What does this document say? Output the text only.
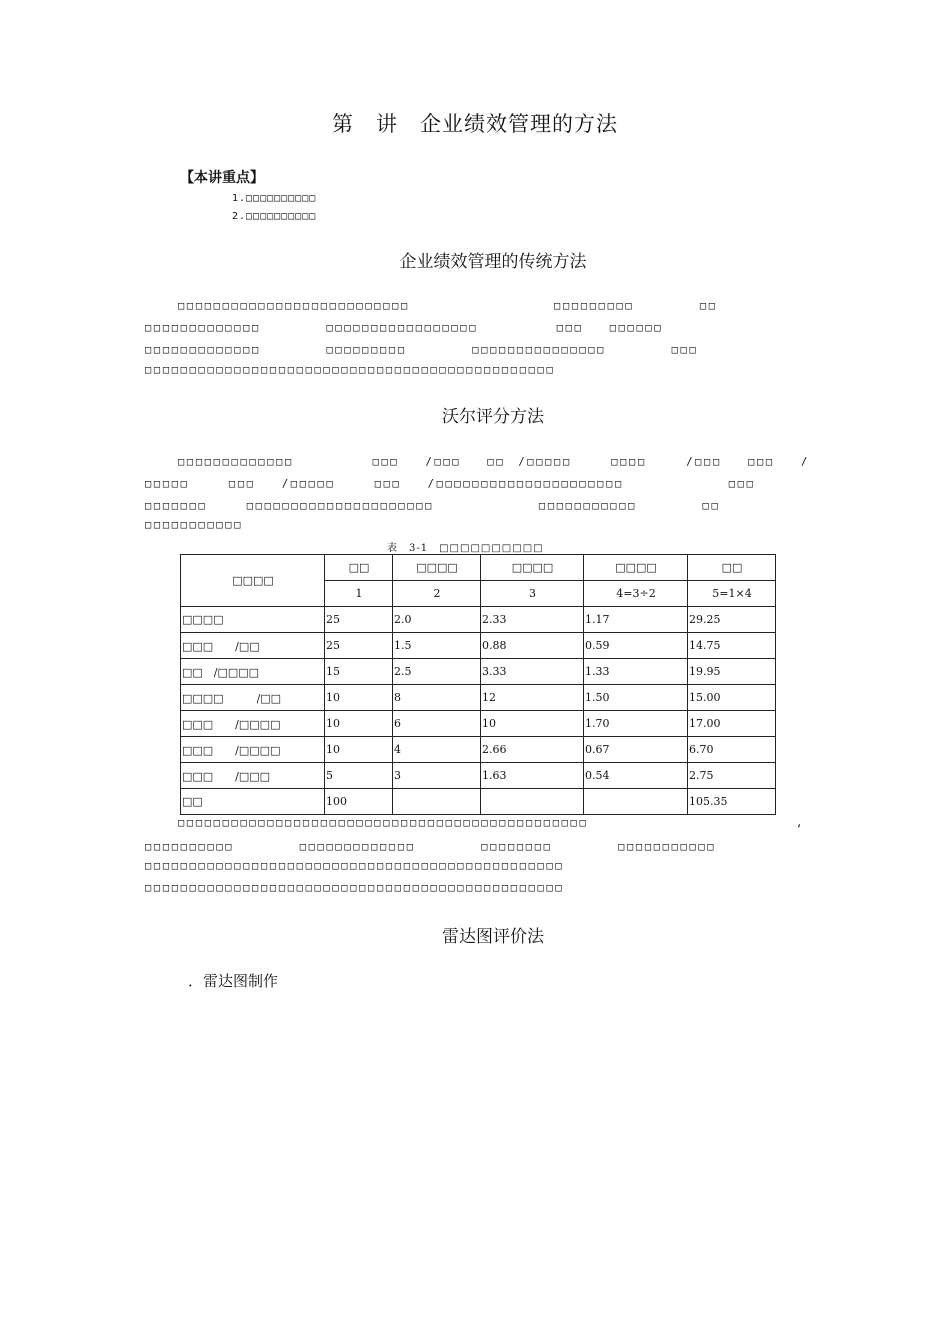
第　讲　企业绩效管理的方法
【本讲重点】
1.□□□□□□□□□□
2.□□□□□□□□□□
企业绩效管理的传统方法
□□□□□□□□□□□□□□□□□□□□□□□□□□　　　　　　　　　　　□□□□□□□□□　　　　　□□
□□□□□□□□□□□□□　　　　　□□□□□□□□□□□□□□□□□　　　　　　□□□　　□□□□□□
□□□□□□□□□□□□□　　　　　□□□□□□□□□　　　　　□□□□□□□□□□□□□□□　　　　　□□□
□□□□□□□□□□□□□□□□□□□□□□□□□□□□□□□□□□□□□□□□□□□□□□
沃尔评分方法
□□□□□□□□□□□□□　　　　　　□□□　　/□□□　　□□　/□□□□□　　　□□□□　　　/□□□　　□□□　　/
□□□□□　　　□□□　　/□□□□□　　　□□□　　/□□□□□□□□□□□□□□□□□□□□□　　　　　　　　□□□
□□□□□□□　　　□□□□□□□□□□□□□□□□□□□□□　　　　　　　　□□□□□□□□□□□　　　　　□□
□□□□□□□□□□□
表　3-1　□□□□□□□□□□
□□□□	□□	□□□□	□□□□	□□□□	□□
	1	2	3	4=3÷2	5=1×4
□□□□	25	2.0	2.33	1.17	29.25
□□□　　/□□	25	1.5	0.88	0.59	14.75
□□　/□□□□	15	2.5	3.33	1.33	19.95
□□□□　　　/□□	10	8	12	1.50	15.00
□□□　　/□□□□	10	6	10	1.70	17.00
□□□　　/□□□□	10	4	2.66	0.67	6.70
□□□　　/□□□	5	3	1.63	0.54	2.75
□□	100				105.35
□□□□□□□□□□□□□□□□□□□□□□□□□□□□□□□□□□□□□□□□□□□□□□	,
□□□□□□□□□□　　　　　□□□□□□□□□□□□□　　　　　□□□□□□□□　　　　　□□□□□□□□□□□
□□□□□□□□□□□□□□□□□□□□□□□□□□□□□□□□□□□□□□□□□□□□□□□
□□□□□□□□□□□□□□□□□□□□□□□□□□□□□□□□□□□□□□□□□□□□□□□
雷达图评价法
．雷达图制作
